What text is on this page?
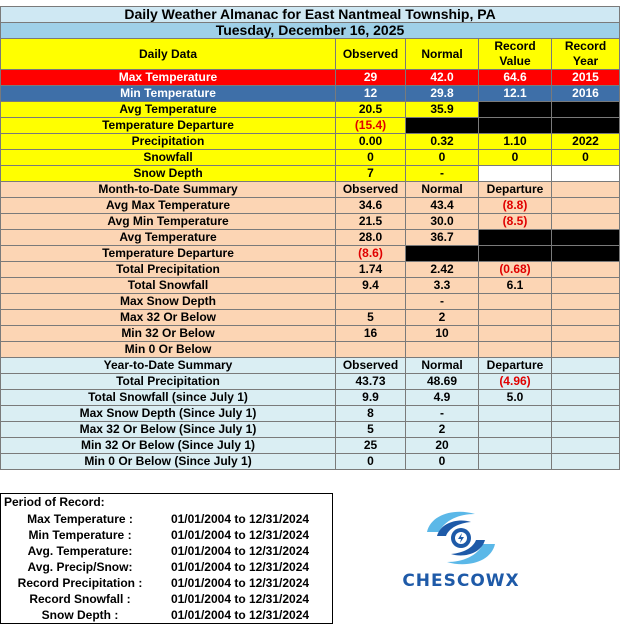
Daily Weather Almanac for East Nantmeal Township, PA				
Tuesday, December 16, 2025				
Daily Data	Observed	Normal	Record Value	Record Year
Max Temperature	29	42.0	64.6	2015
Min Temperature	12	29.8	12.1	2016
Avg Temperature	20.5	35.9		
Temperature Departure	(15.4)			
Precipitation	0.00	0.32	1.10	2022
Snowfall	0	0	0	0
Snow Depth	7	-		
Month-to-Date Summary	Observed	Normal	Departure	
Avg Max Temperature	34.6	43.4	(8.8)	
Avg Min Temperature	21.5	30.0	(8.5)	
Avg Temperature	28.0	36.7		
Temperature Departure	(8.6)			
Total Precipitation	1.74	2.42	(0.68)	
Total Snowfall	9.4	3.3	6.1	
Max Snow Depth		-		
Max 32 Or Below	5	2		
Min 32 Or Below	16	10		
Min 0 Or Below				
Year-to-Date Summary	Observed	Normal	Departure	
Total Precipitation	43.73	48.69	(4.96)	
Total Snowfall (since July 1)	9.9	4.9	5.0	
Max Snow Depth (Since July 1)	8	-		
Max 32 Or Below (Since July 1)	5	2		
Min 32 Or Below (Since July 1)	25	20		
Min 0 Or Below (Since July 1)	0	0		
Period of Record:
Max Temperature :	01/01/2004 to 12/31/2024
Min Temperature :	01/01/2004 to 12/31/2024
Avg. Temperature:	01/01/2004 to 12/31/2024
Avg. Precip/Snow:	01/01/2004 to 12/31/2024
Record Precipitation :	01/01/2004 to 12/31/2024
Record Snowfall :	01/01/2004 to 12/31/2024
Snow Depth :	01/01/2004 to 12/31/2024
CHESCOWX
